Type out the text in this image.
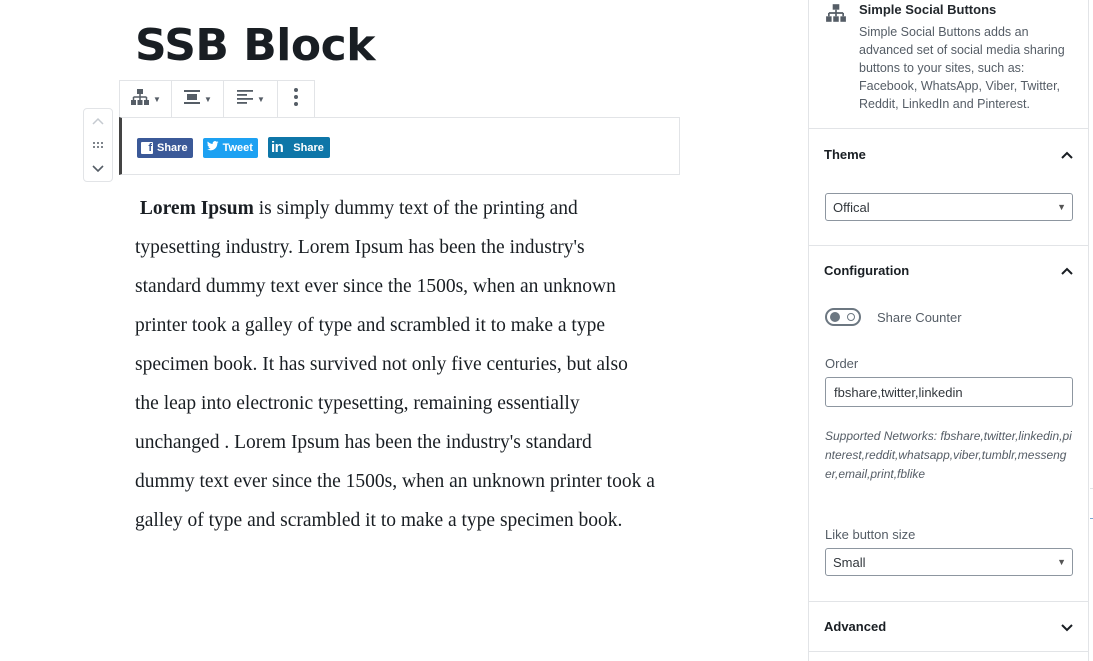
SSB Block
▼	▼	▼
f Share	Tweet in Share

Lorem Ipsum is simply dummy text of the printing and typesetting industry. Lorem Ipsum has been the industry's standard dummy text ever since the 1500s, when an unknown printer took a galley of type and scrambled it to make a type specimen book. It has survived not only five centuries, but also the leap into electronic typesetting, remaining essentially unchanged . Lorem Ipsum has been the industry's standard dummy text ever since the 1500s, when an unknown printer took a galley of type and scrambled it to make a type specimen book.

Simple Social Buttons
Simple Social Buttons adds an advanced set of social media sharing buttons to your sites, such as: Facebook, WhatsApp, Viber, Twitter, Reddit, LinkedIn and Pinterest.
Theme
Offical	▼
Configuration
Share Counter
Order
fbshare,twitter,linkedin
Supported Networks: fbshare,twitter,linkedin,pinterest,reddit,whatsapp,viber,tumblr,messenger,email,print,fblike
Like button size
Small	▼
Advanced
